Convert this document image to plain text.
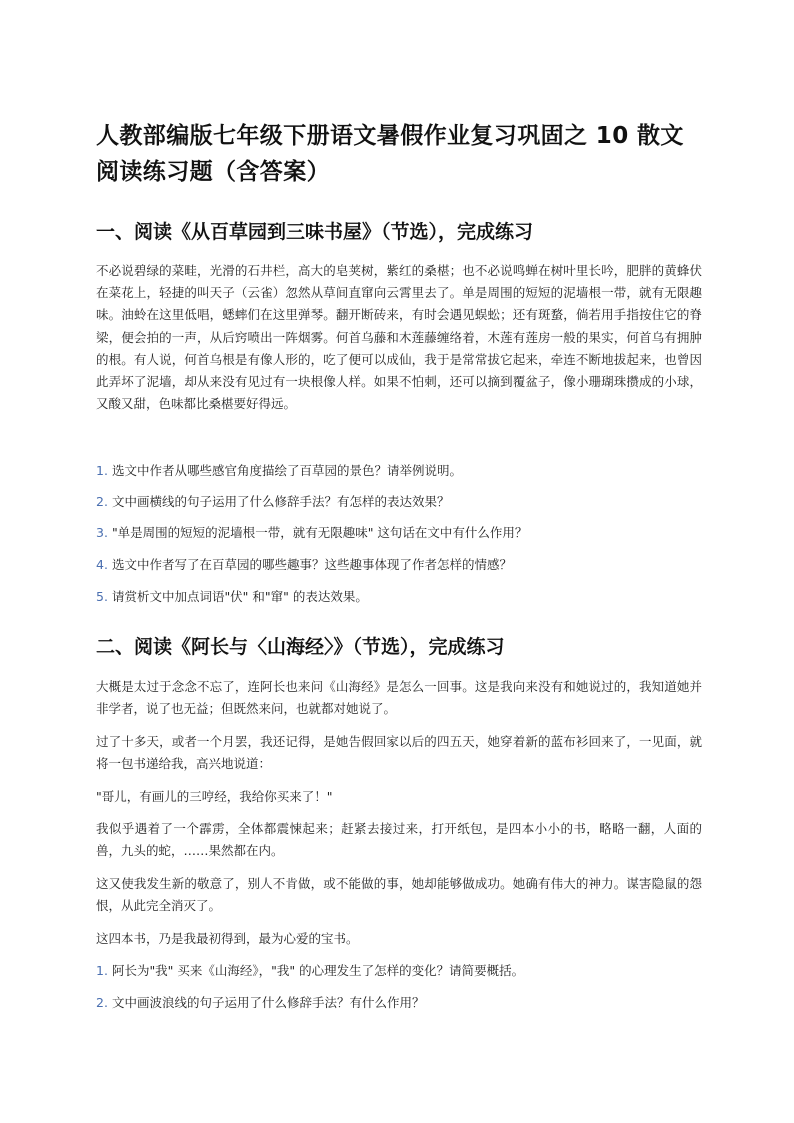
人教部编版七年级下册语文暑假作业复习巩固之 10 散文阅读练习题（含答案）
一、阅读《从百草园到三味书屋》（节选），完成练习

不必说碧绿的菜畦，光滑的石井栏，高大的皂荚树，紫红的桑椹；也不必说鸣蝉在树叶里长吟，肥胖的黄蜂伏在菜花上，轻捷的叫天子（云雀）忽然从草间直窜向云霄里去了。单是周围的短短的泥墙根一带，就有无限趣味。油蛉在这里低唱，蟋蟀们在这里弹琴。翻开断砖来，有时会遇见蜈蚣；还有斑蝥，倘若用手指按住它的脊梁，便会拍的一声，从后窍喷出一阵烟雾。何首乌藤和木莲藤缠络着，木莲有莲房一般的果实，何首乌有拥肿的根。有人说，何首乌根是有像人形的，吃了便可以成仙，我于是常常拔它起来，牵连不断地拔起来，也曾因此弄坏了泥墙，却从来没有见过有一块根像人样。如果不怕刺，还可以摘到覆盆子，像小珊瑚珠攒成的小球，又酸又甜，色味都比桑椹要好得远。

1. 选文中作者从哪些感官角度描绘了百草园的景色？请举例说明。

2. 文中画横线的句子运用了什么修辞手法？有怎样的表达效果？

3. "单是周围的短短的泥墙根一带，就有无限趣味" 这句话在文中有什么作用？

4. 选文中作者写了在百草园的哪些趣事？这些趣事体现了作者怎样的情感？

5. 请赏析文中加点词语"伏" 和"窜" 的表达效果。

二、阅读《阿长与〈山海经〉》（节选），完成练习

大概是太过于念念不忘了，连阿长也来问《山海经》是怎么一回事。这是我向来没有和她说过的，我知道她并非学者，说了也无益；但既然来问，也就都对她说了。

过了十多天，或者一个月罢，我还记得，是她告假回家以后的四五天，她穿着新的蓝布衫回来了，一见面，就将一包书递给我，高兴地说道：

"哥儿，有画儿的三哼经，我给你买来了！"

我似乎遇着了一个霹雳，全体都震悚起来；赶紧去接过来，打开纸包，是四本小小的书，略略一翻，人面的兽，九头的蛇，……果然都在内。

这又使我发生新的敬意了，别人不肯做，或不能做的事，她却能够做成功。她确有伟大的神力。谋害隐鼠的怨恨，从此完全消灭了。

这四本书，乃是我最初得到，最为心爱的宝书。

1. 阿长为"我" 买来《山海经》，"我" 的心理发生了怎样的变化？请简要概括。

2. 文中画波浪线的句子运用了什么修辞手法？有什么作用？
